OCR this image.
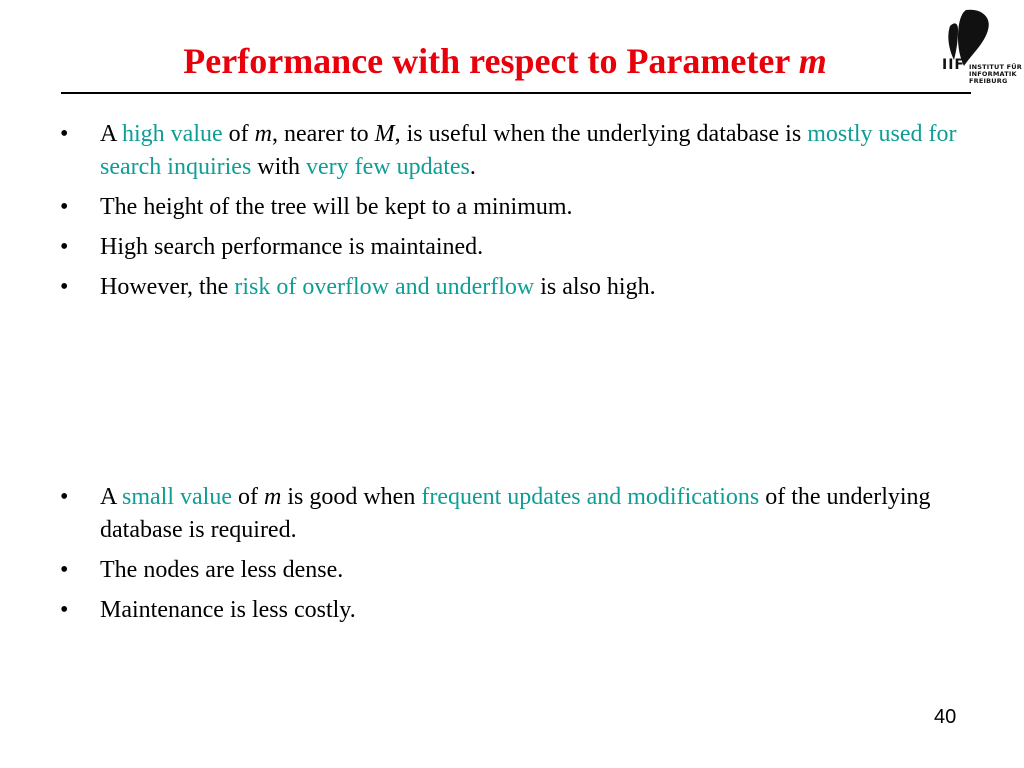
Performance with respect to Parameter m	IIF INSTITUT FÜR
INFORMATIK
FREIBURG
• A high value of m, nearer to M, is useful when the underlying database is mostly used for search inquiries with very few updates.
• The height of the tree will be kept to a minimum.
• High search performance is maintained.
• However, the risk of overflow and underflow is also high.
• A small value of m is good when frequent updates and modifications of the underlying database is required.
• The nodes are less dense.
• Maintenance is less costly.
40
